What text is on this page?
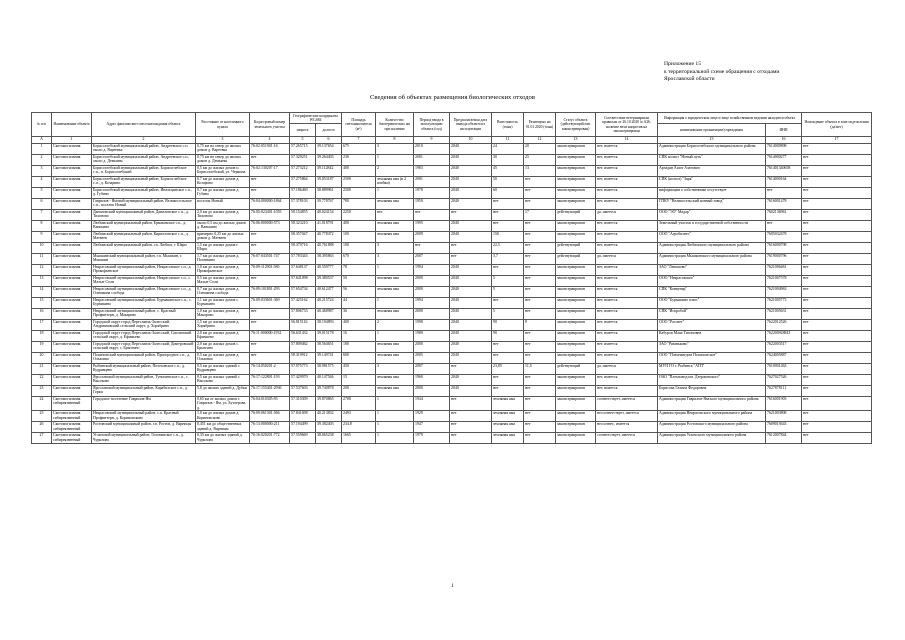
Приложение 15
к территориальной схеме обращения с отходами
Ярославской области
Сведения об объектах размещения биологических отходов
№ п/п	Наименование объекта	Адрес фактического местонахождения объекта	Расстояние от населенного пункта	Кадастровый номер земельного участка	Географические координаты WGS84		Площадь светонакопителя (м²)	Количество биотермических ям при наличии	Период ввода в эксплуатацию объекта (год)	Предполагаемая дата вывода объекта из эксплуатации	Вместимость (тонн)	Размещено на 01.01.2020 (тонн)	Статус объекта (действующий или законсервирован)	Соответствие ветеринарным правилам от 26.10.2020 № 626, наличие вехи напротив на законсервирован	Информация о юридическом лице и лице хозяйственном ведении находится объект		Нахождение объекта в зоне подтопления (да/нет)
					широта	долгота									наименование организации/учреждения	ИНН	
А	1	2	3	4	5	6	7	8	9	10	11	12	13	14	15	16	17
1	Скотомогильник	Борисоглебский муниципальный район, Андреевское с.п. около д. Вареевка	0,75 км на север до жилых домов д. Вареевка	76:02:051901:16	57.265715	39.137654	675	3	2010	2040	24	20	законсервирован	нет, имеется	Администрация Борисоглебского муниципального района	7614000808	нет
2	Скотомогильник	Борисоглебский муниципальный район, Андреевское с.п., около д. Демьяны	0,75 км на север до жилых домов д. Демьяны	нет	57.329251	39.264403	230	1	2001	2040	30	25	законсервирован	нет, имеется	СПК колхоз "Новый путь"	7614000277	нет
3	Скотомогильник	Борисоглебский муниципальный район, Борисоглебское с.п., п. Борисоглебский	0,5 км до жилых домов п. Борисоглебский, ул. Черкина	76:02:130207:17	57.273212	39.112842	400	2	1983	2040	45	13	законсервирован	нет, имеется	Арзадян Ашот Азатович	761401340658	нет
4	Скотомогильник	Борисоглебский муниципальный район, Борисоглебское с.п., д. Козарино	0,7 км до жилых домов д. Козарино	нет	57.275864	39.053187	2500	земляная яма (в 2 ячейки)	2001	2040	50	нет	законсервирован	нет, имеется	СПК (колхоз) "Заря"	7614000164	нет
5	Скотомогильник	Борисоглебский муниципальный район, Инальцинское с.п., д. Губино	0,7 км до жилых домов д. Губино	нет	57.186469	38.889961	2500	1	1978	2040	60	нет	законсервирован	нет, имеется	информации о собственнике отсутствует	нет	нет
6	Скотомогильник	Гаврилов - Ямский муниципальный район, Великосельское с.п., поселок Новый	поселок Новый	76:04:000000:1864	57.378103	39.778767	780	земляная яма	1950	2040	нет	нет	законсервирован	нет, имеется	ГПКУ "Великосельский конный завод"	7616001478	нет
7	Скотомогильник	Даниловский муниципальный район, Даниловское с.п., д. Тихоново	2,0 км до жилых домов д. Тихоново	76:05:023401:1055	58.154855	40.024154	2250	нет	нет	нет	нет	17	действующий	да, имеется	ООО "ЭО" Мадар"	7602136961	нет
8	Скотомогильник	Любимский муниципальный район, Ермаковское с.п., д. Ванькино	около 0,5 км до жилых домов д. Ванькино	76:06:000000:573	58.323210	41.018791	400	земляная яма	1995	2040	нет	нет	законсервирован	нет, имеется	Земельный участок в государственной собственности	нет	нет
9	Скотомогильник	Любимский муниципальный район, Кирилловское с.п., д. Матвеев	примерно 0,25 км до жилых домов д. Матвеев	нет	58.357047	40.778472	100	земляная яма	2009	2040	150	нет	законсервирован	нет, имеется	ООО "Агробизнес"	7605032478	нет
10	Скотомогильник	Любимский муниципальный район, г.п. Любим, г. Шари	1,5 км до жилых домов г. Шари	нет	58.379716	40.761888	100	3	нет	нет	22,5	нет	действующий	нет, имеется	Администрация Любимского муниципального района	7616000798	нет
11	Скотомогильник	Мышкинский муниципальный район, г.п. Мышкин, г. Мышкин	1,7 км до жилых домов д. Поганкино	76:07:043501:747	57.783343	38.395863	670	3	2007	нет	3,7	нет	действующий	да, имеется	Администрация Мышкинского муниципального района	7619000796	нет
12	Скотомогильник	Некрасовский муниципальный район, Некрасовское с.п., д. Прокофьевское	1,0 км до жилых домов д. Прокофьевское	76:09:112901:580	57.648137	40.559777	78	1	1994	2040	нет	нет	законсервирован	нет, имеется	ЗАО "Левашово"	7621006461	нет
13	Скотомогильник	Некрасовский муниципальный район, Некрасовское с.п., с. Малые Соли	0,5 км до жилых домов д. Малые Соли	нет	57.641098	39.380537	50	земляная яма	2000	2040	5	нет	законсервирован	нет, имеется	ООО "Некрасовское"	7621007578	нет
14	Скотомогильник	Некрасовский муниципальный район, Некрасовское с.п., д. Олешкина слобода	0,7 км до жилых домов д. Олешкина слобода	76:09:101801:293	57.654734	40.612477	56	земляная яма	2000	2040	5	нет	законсервирован	нет, имеется	СПК "Конвунар"	7621004963	нет
15	Скотомогильник	Некрасовский муниципальный район, Бурмакинское с.п., с. Бурмакино	1,1 км до жилых домов с. Бурмакино	76:09:033601:369	57.425162	40.215724	44	1	1994	2040	нет	нет	законсервирован	нет, имеется	ООО "Бурмакино плюс"	7621005773	нет
16	Скотомогильник	Некрасовский муниципальный район, с. Красный Профинтерн, д. Макарово	1,0 км до жилых домов д. Макарово	нет	57.806733	40.468987	36	земляная яма	2000	2040	5	нет	законсервирован	нет, имеется	СПК "Искробой"	7621005631	нет
17	Скотомогильник	Городской округ город Переславль-Залесский, Андриановский сельский округ, д. Хорябрино	1,5 км до жилых домов д. Хорябрино	нет	56.815116	38.194893	400	2	1998	2040	90	8	законсервирован	нет, имеется	ООО "Рассвет"	7622012526	нет
18	Скотомогильник	Городской округ город Переславль-Залесский, Смоленский сельский округ, д. Ефимьево	2,0 км до жилых домов д. Ефимьево	76:11:000000:1932	56.631432	39.015178	16	1	1980	2040	90	нет	законсервирован	нет, имеется	Кабуров Маяа Тихоновна	762200928843	нет
19	Скотомогильник	Городской округ город Переславль-Залесский, Дмитровский сельский округ, с. Брызгино	2,0 км до жилых домов с. Брызгино	нет	57.809462	38.564651	180	земляная яма	2000	2040	нет	нет	законсервирован	нет, имеется	ЗАО "Рязаньково"	7622003517	нет
20	Скотомогильник	Пошехонский муниципальный район, Пригородное с.п., д. Ольховка	0,5 км до жилых домов д. Ольховка	нет	58.319912	39.149741	600	земляная яма	2005	2040	нет	нет	законсервирован	нет, имеется	ООО "Племзаведом Пошехонское"	7624005887	нет
21	Скотомогильник	Рыбинский муниципальный район, Полеховское с.п., д. Кудрявцево	0,5 км до жилых зданий с. Кудрявцево	76:14:050201:2	57.975773	38.981575	450	3	2007	нет	23,85	11,5	действующий	да, имеется	МУП ГО г. Рыбинск "АТП"	7610001463	нет
22	Скотомогильник	Ярославский муниципальный район, Туношенское с.п., с. Высоково	0,5 км до жилых зданий с. Высоково	76:17:122801:193	57.429970	40.147546	15	земляная яма	1960	2040	нет	нет	законсервирован	нет, имеется	ОАО "Племзавод им. Дзержинского"	7627027526	нет
23	Скотомогильник	Ярославский муниципальный район, Карабихское с.п., д. Горки	5,8 до жилых зданий д. Дубки	76:17:155401:2936	57.537603	39.740878	200	земляная яма	2000	2040	нет	нет	законсервирован	нет, имеется	Борисова Галина Федоровна	7627878111	нет
24	Скотомогильник сибиреязвенный	Городское поселение Гаврилов-Ям	0,65 км от жилых домов г. Гаврилов - Ям, ул. Бутлерова, д.	76:04:010305:93	57.310309	39.870865	2708	1	1944	нет	земляная яма	нет	законсервирован	соответствует, имеется	Администрация Гаврилов-Ямского муниципального района	7616001903	нет
25	Скотомогильник сибиреязвенный	Некрасовский муниципальный район, с.п. Красный Профинтерн, д. Кориновсково	1,0 км до жилых домов д. Кориновсково	76:09:061301:566	57.841698	40.213832	2493	1	1929	нет	земляная яма	нет	законсервирован	несоответствует, имеется	Администрация Некрасовского муниципального района	7621003808	нет
26	Скотомогильник сибиреязвенный	Ростовский муниципальный район, г.п. Ростов, д. Варницы	0,451 км до общественных зданий д. Варницы	76:13:000000:211	57.194499	39.382403	234,8	1	1947	нет	земляная яма	нет	законсервирован	несоответ., имеется	Администрация Ростовского муниципального района	7609019443	нет
27	Скотомогильник сибиреязвенный	Угличский муниципальный район, Головинское с.п., д. Чурилово	0,35 км до жилых зданий д. Чурилово	76:16:020201:772	57.559669	38.065238	1665	1	1979	нет	земляная яма	нет	законсервирован	соответствует, имеется	Администрация Угличского муниципального района	7612007844	нет
1
